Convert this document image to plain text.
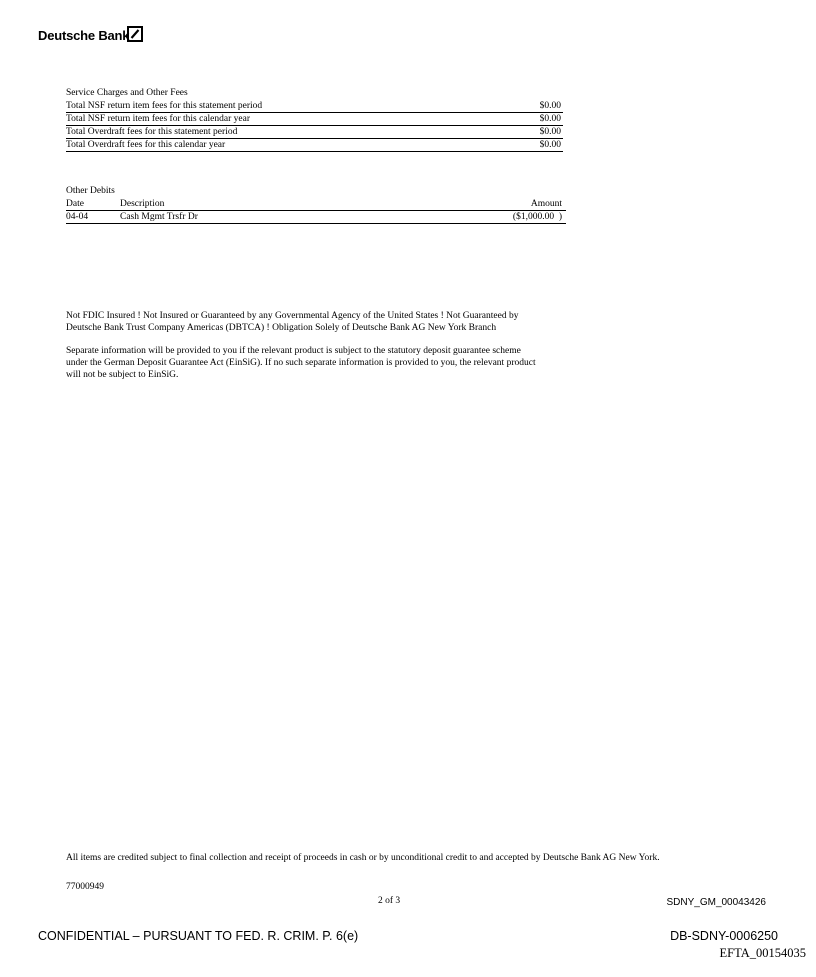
Deutsche Bank
Service Charges and Other Fees
Total NSF return item fees for this statement period	$0.00
Total NSF return item fees for this calendar year	$0.00
Total Overdraft fees for this statement period	$0.00
Total Overdraft fees for this calendar year	$0.00
Other Debits
Date	Description	Amount
04-04	Cash Mgmt Trsfr Dr	($1,000.00  )

Not FDIC Insured ! Not Insured or Guaranteed by any Governmental Agency of the United States ! Not Guaranteed by Deutsche Bank Trust Company Americas (DBTCA) ! Obligation Solely of Deutsche Bank AG New York Branch

Separate information will be provided to you if the relevant product is subject to the statutory deposit guarantee scheme under the German Deposit Guarantee Act (EinSiG). If no such separate information is provided to you, the relevant product will not be subject to EinSiG.

All items are credited subject to final collection and receipt of proceeds in cash or by unconditional credit to and accepted by Deutsche Bank AG New York.
77000949
2 of 3	SDNY_GM_00043426
CONFIDENTIAL – PURSUANT TO FED. R. CRIM. P. 6(e)	DB-SDNY-0006250
EFTA_00154035
